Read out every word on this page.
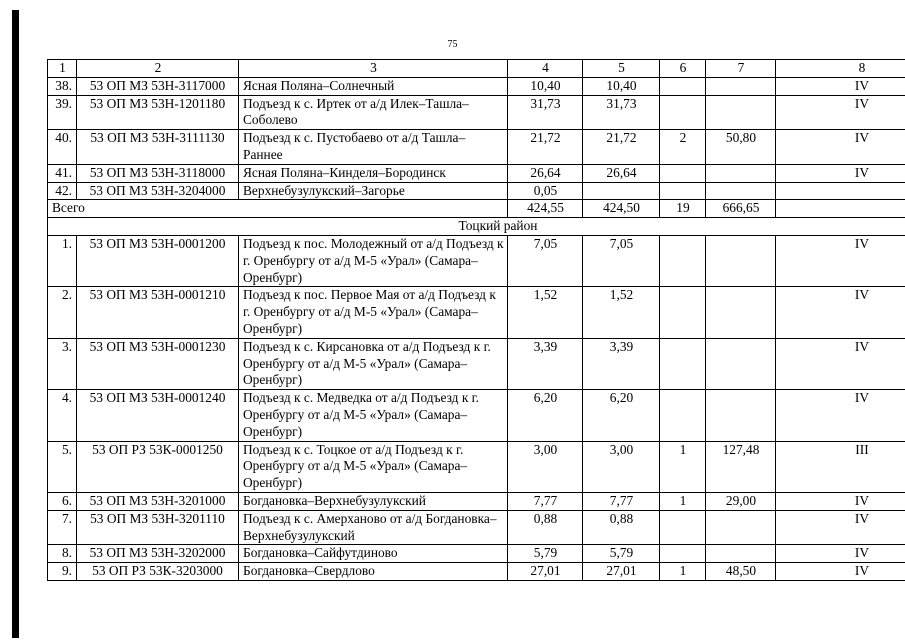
75
1	2	3	4	5	6	7	8
38.	53 ОП МЗ 53Н-3117000	Ясная Поляна–Солнечный	10,40	10,40			IV
39.	53 ОП МЗ 53Н-1201180	Подъезд к с. Иртек от а/д Илек–Ташла–Соболево	31,73	31,73			IV
40.	53 ОП МЗ 53Н-3111130	Подъезд к с. Пустобаево от а/д Ташла–Раннее	21,72	21,72	2	50,80	IV
41.	53 ОП МЗ 53Н-3118000	Ясная Поляна–Кинделя–Бородинск	26,64	26,64			IV
42.	53 ОП МЗ 53Н-3204000	Верхнебузулукский–Загорье	0,05				
Всего			424,55	424,50	19	666,65	
Тоцкий район							
1.	53 ОП МЗ 53Н-0001200	Подъезд к пос. Молодежный от а/д Подъезд к г. Оренбургу от а/д М-5 «Урал» (Самара–Оренбург)	7,05	7,05			IV
2.	53 ОП МЗ 53Н-0001210	Подъезд к пос. Первое Мая от а/д Подъезд к г. Оренбургу от а/д М-5 «Урал» (Самара–Оренбург)	1,52	1,52			IV
3.	53 ОП МЗ 53Н-0001230	Подъезд к с. Кирсановка от а/д Подъезд к г. Оренбургу от а/д М-5 «Урал» (Самара–Оренбург)	3,39	3,39			IV
4.	53 ОП МЗ 53Н-0001240	Подъезд к с. Медведка от а/д Подъезд к г. Оренбургу от а/д М-5 «Урал» (Самара–Оренбург)	6,20	6,20			IV
5.	53 ОП РЗ 53К-0001250	Подъезд к с. Тоцкое от а/д Подъезд к г. Оренбургу от а/д М-5 «Урал» (Самара–Оренбург)	3,00	3,00	1	127,48	III
6.	53 ОП МЗ 53Н-3201000	Богдановка–Верхнебузулукский	7,77	7,77	1	29,00	IV
7.	53 ОП МЗ 53Н-3201110	Подъезд к с. Амерханово от а/д Богдановка–Верхнебузулукский	0,88	0,88			IV
8.	53 ОП МЗ 53Н-3202000	Богдановка–Сайфутдиново	5,79	5,79			IV
9.	53 ОП РЗ 53К-3203000	Богдановка–Свердлово	27,01	27,01	1	48,50	IV
